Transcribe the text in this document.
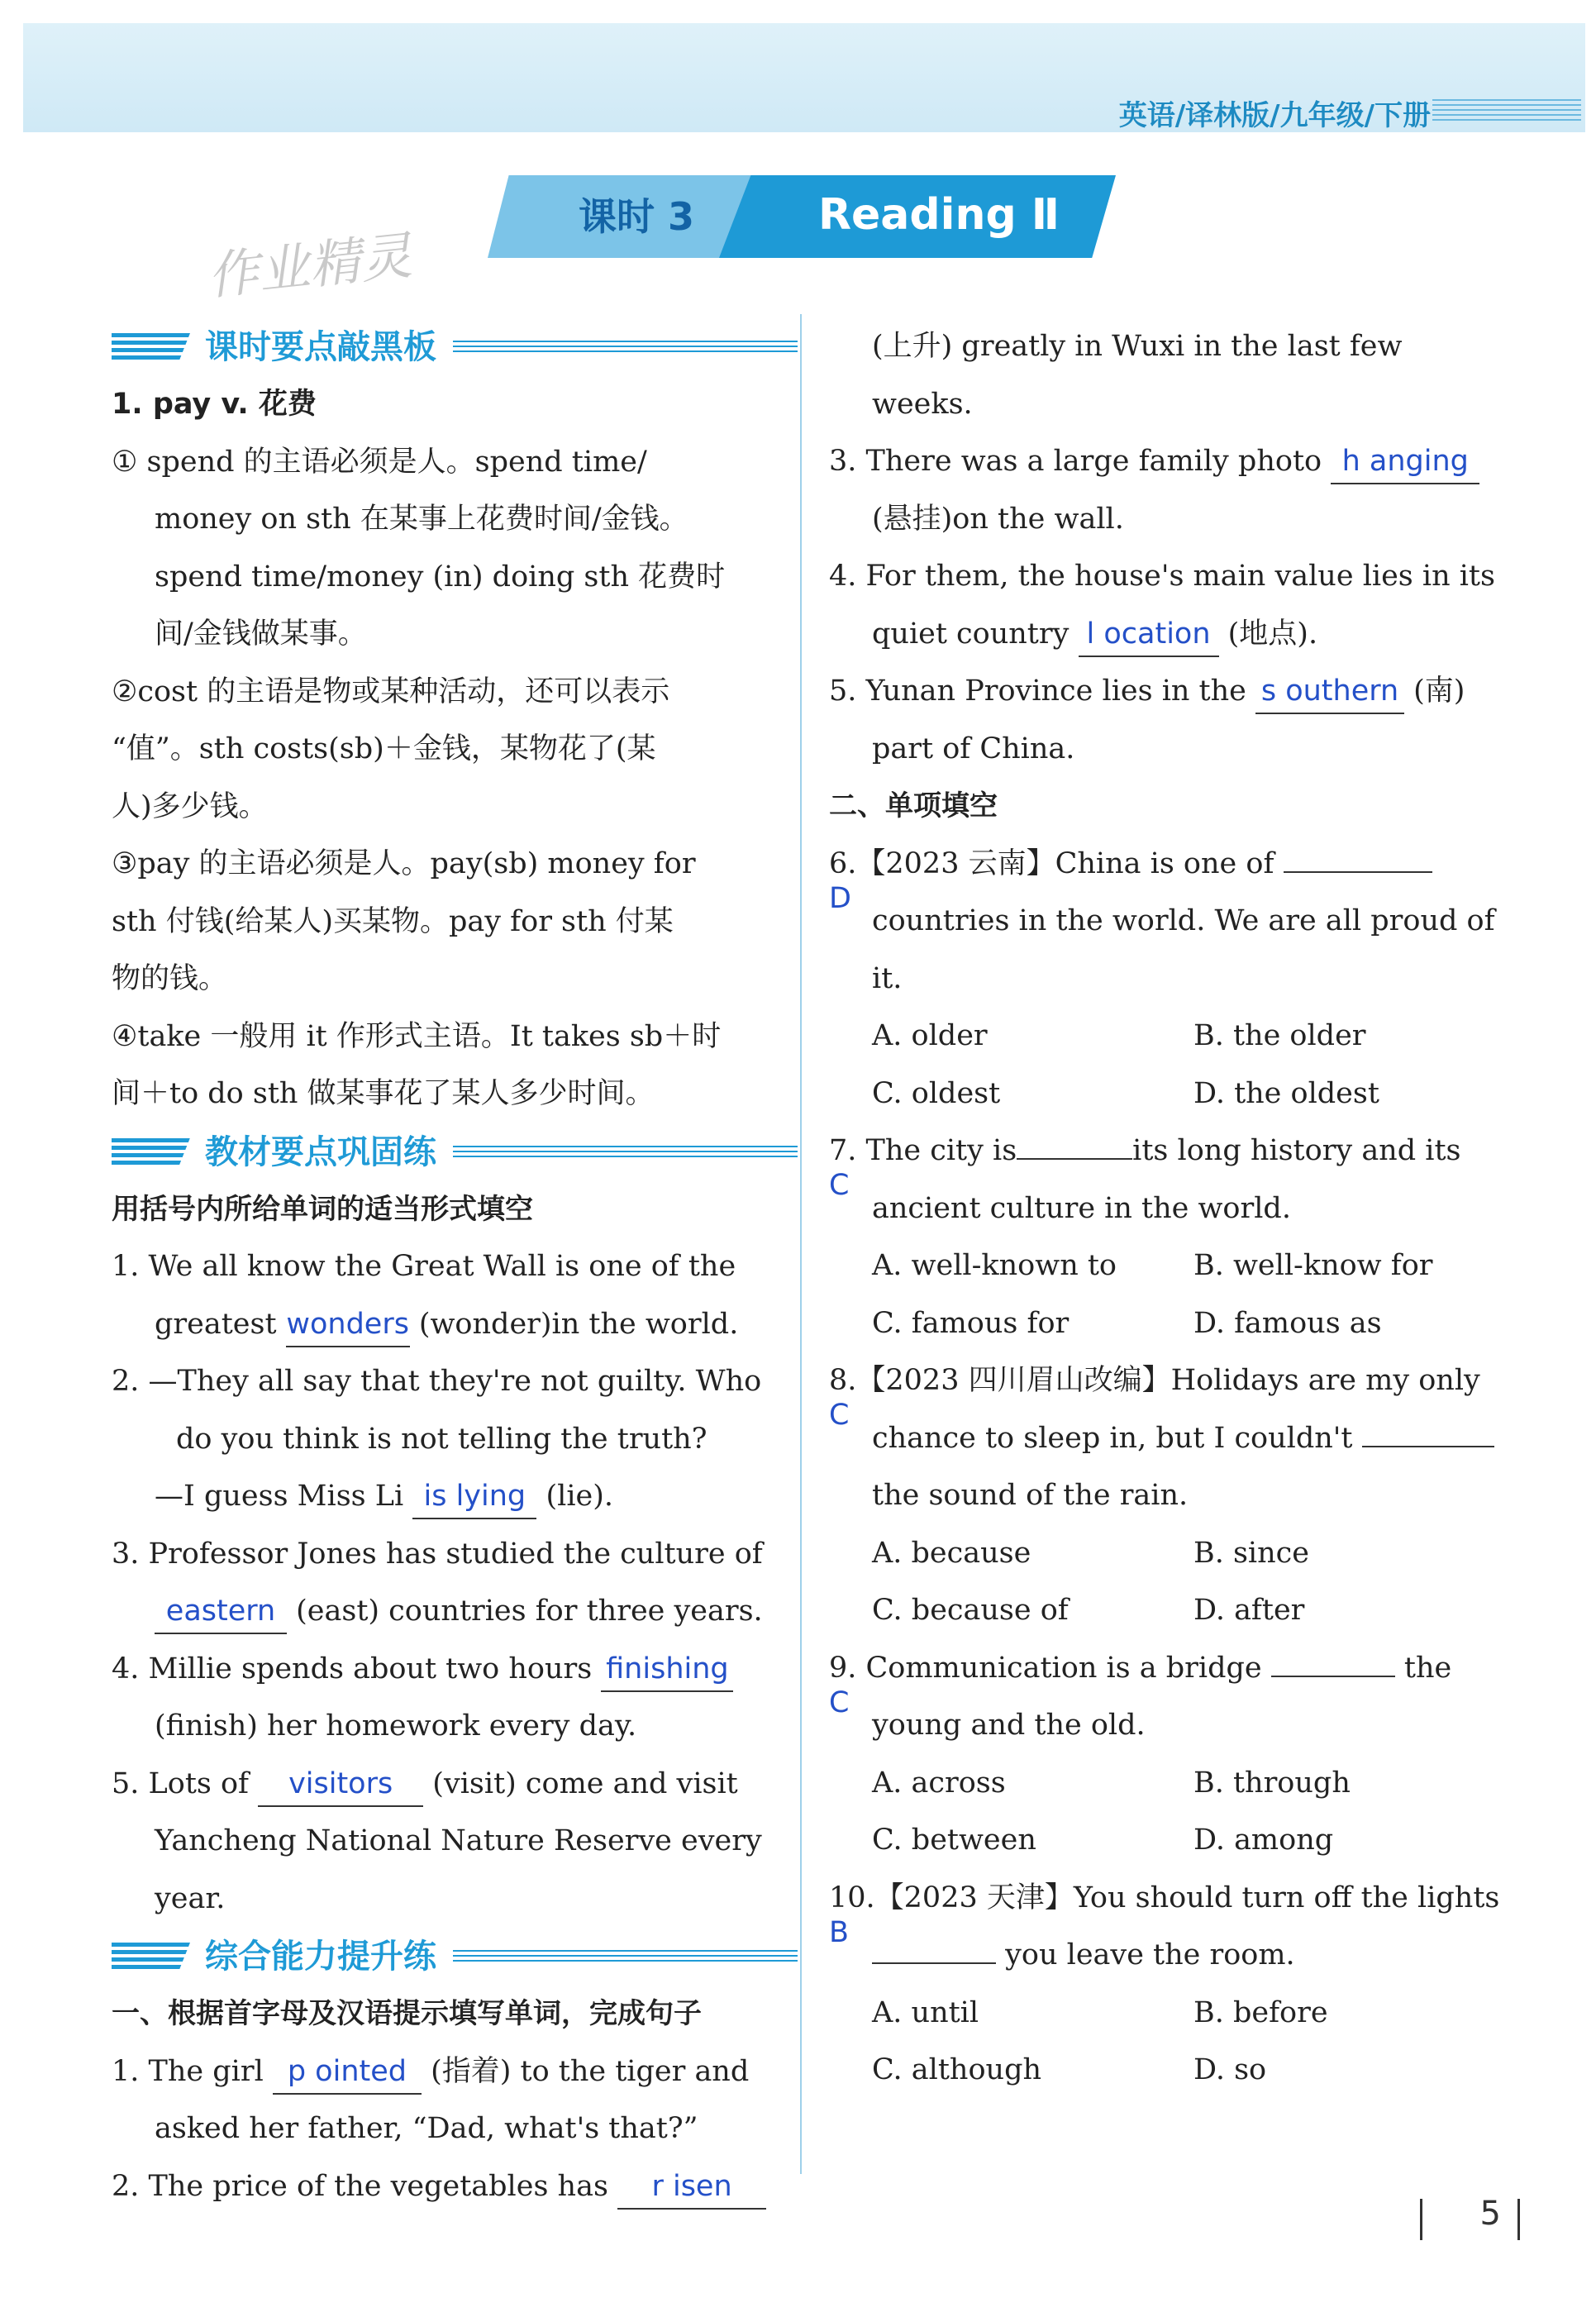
英语/译林版/九年级/下册
作业精灵
课时 3	Reading Ⅱ
课时要点敲黑板

1. pay v. 花费

① spend 的主语必须是人。spend time/

money on sth 在某事上花费时间/金钱。

spend time/money (in) doing sth 花费时

间/金钱做某事。

②cost 的主语是物或某种活动，还可以表示

“值”。sth costs(sb)＋金钱，某物花了(某

人)多少钱。

③pay 的主语必须是人。pay(sb) money for

sth 付钱(给某人)买某物。pay for sth 付某

物的钱。

④take 一般用 it 作形式主语。It takes sb＋时

间＋to do sth 做某事花了某人多少时间。

教材要点巩固练

用括号内所给单词的适当形式填空

1. We all know the Great Wall is one of the

greatest wonders (wonder)in the world.

2. —They all say that they're not guilty. Who

do you think is not telling the truth?

—I guess Miss Li is lying (lie).

3. Professor Jones has studied the culture of

eastern (east) countries for three years.

4. Millie spends about two hours finishing

(finish) her homework every day.

5. Lots of visitors (visit) come and visit

Yancheng National Nature Reserve every year.

综合能力提升练

一、根据首字母及汉语提示填写单词，完成句子

1. The girl p ointed (指着) to the tiger and

asked her father, “Dad, what's that?”

2. The price of the vegetables has r isen

(上升) greatly in Wuxi in the last few

weeks.

3. There was a large family photo h anging

(悬挂)on the wall.

4. For them, the house's main value lies in its

quiet country l ocation (地点).

5. Yunan Province lies in the s outhern (南)

part of China.

二、单项填空

D

6.【2023 云南】China is one of

countries in the world. We are all proud of

it.

A. older	B. the older
C. oldest	D. the oldest
C

7. The city is	its long history and its

ancient culture in the world.

A. well-known to	B. well-know for
C. famous for	D. famous as
C

8.【2023 四川眉山改编】Holidays are my only

chance to sleep in, but I couldn't

the sound of the rain.

A. because	B. since
C. because of	D. after
C

9. Communication is a bridge	the

young and the old.

A. across	B. through
C. between	D. among
B

10.【2023 天津】You should turn off the lights

you leave the room.

A. until	B. before
C. although	D. so
5
